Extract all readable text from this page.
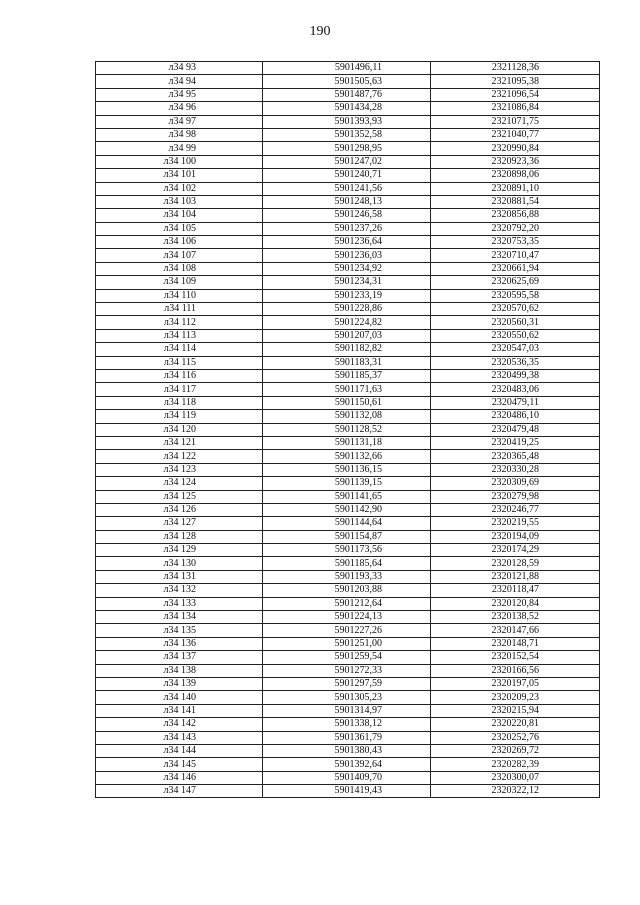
190
л34 93	5901496,11	2321128,36
л34 94	5901505,63	2321095,38
л34 95	5901487,76	2321096,54
л34 96	5901434,28	2321086,84
л34 97	5901393,93	2321071,75
л34 98	5901352,58	2321040,77
л34 99	5901298,95	2320990,84
л34 100	5901247,02	2320923,36
л34 101	5901240,71	2320898,06
л34 102	5901241,56	2320891,10
л34 103	5901248,13	2320881,54
л34 104	5901246,58	2320856,88
л34 105	5901237,26	2320792,20
л34 106	5901236,64	2320753,35
л34 107	5901236,03	2320710,47
л34 108	5901234,92	2320661,94
л34 109	5901234,31	2320625,69
л34 110	5901233,19	2320595,58
л34 111	5901228,86	2320570,62
л34 112	5901224,82	2320560,31
л34 113	5901207,03	2320550,62
л34 114	5901182,82	2320547,03
л34 115	5901183,31	2320536,35
л34 116	5901185,37	2320499,38
л34 117	5901171,63	2320483,06
л34 118	5901150,61	2320479,11
л34 119	5901132,08	2320486,10
л34 120	5901128,52	2320479,48
л34 121	5901131,18	2320419,25
л34 122	5901132,66	2320365,48
л34 123	5901136,15	2320330,28
л34 124	5901139,15	2320309,69
л34 125	5901141,65	2320279,98
л34 126	5901142,90	2320246,77
л34 127	5901144,64	2320219,55
л34 128	5901154,87	2320194,09
л34 129	5901173,56	2320174,29
л34 130	5901185,64	2320128,59
л34 131	5901193,33	2320121,88
л34 132	5901203,88	2320118,47
л34 133	5901212,64	2320120,84
л34 134	5901224,13	2320138,52
л34 135	5901227,26	2320147,66
л34 136	5901251,00	2320148,71
л34 137	5901259,54	2320152,54
л34 138	5901272,33	2320166,56
л34 139	5901297,59	2320197,05
л34 140	5901305,23	2320209,23
л34 141	5901314,97	2320215,94
л34 142	5901338,12	2320220,81
л34 143	5901361,79	2320252,76
л34 144	5901380,43	2320269,72
л34 145	5901392,64	2320282,39
л34 146	5901409,70	2320300,07
л34 147	5901419,43	2320322,12
